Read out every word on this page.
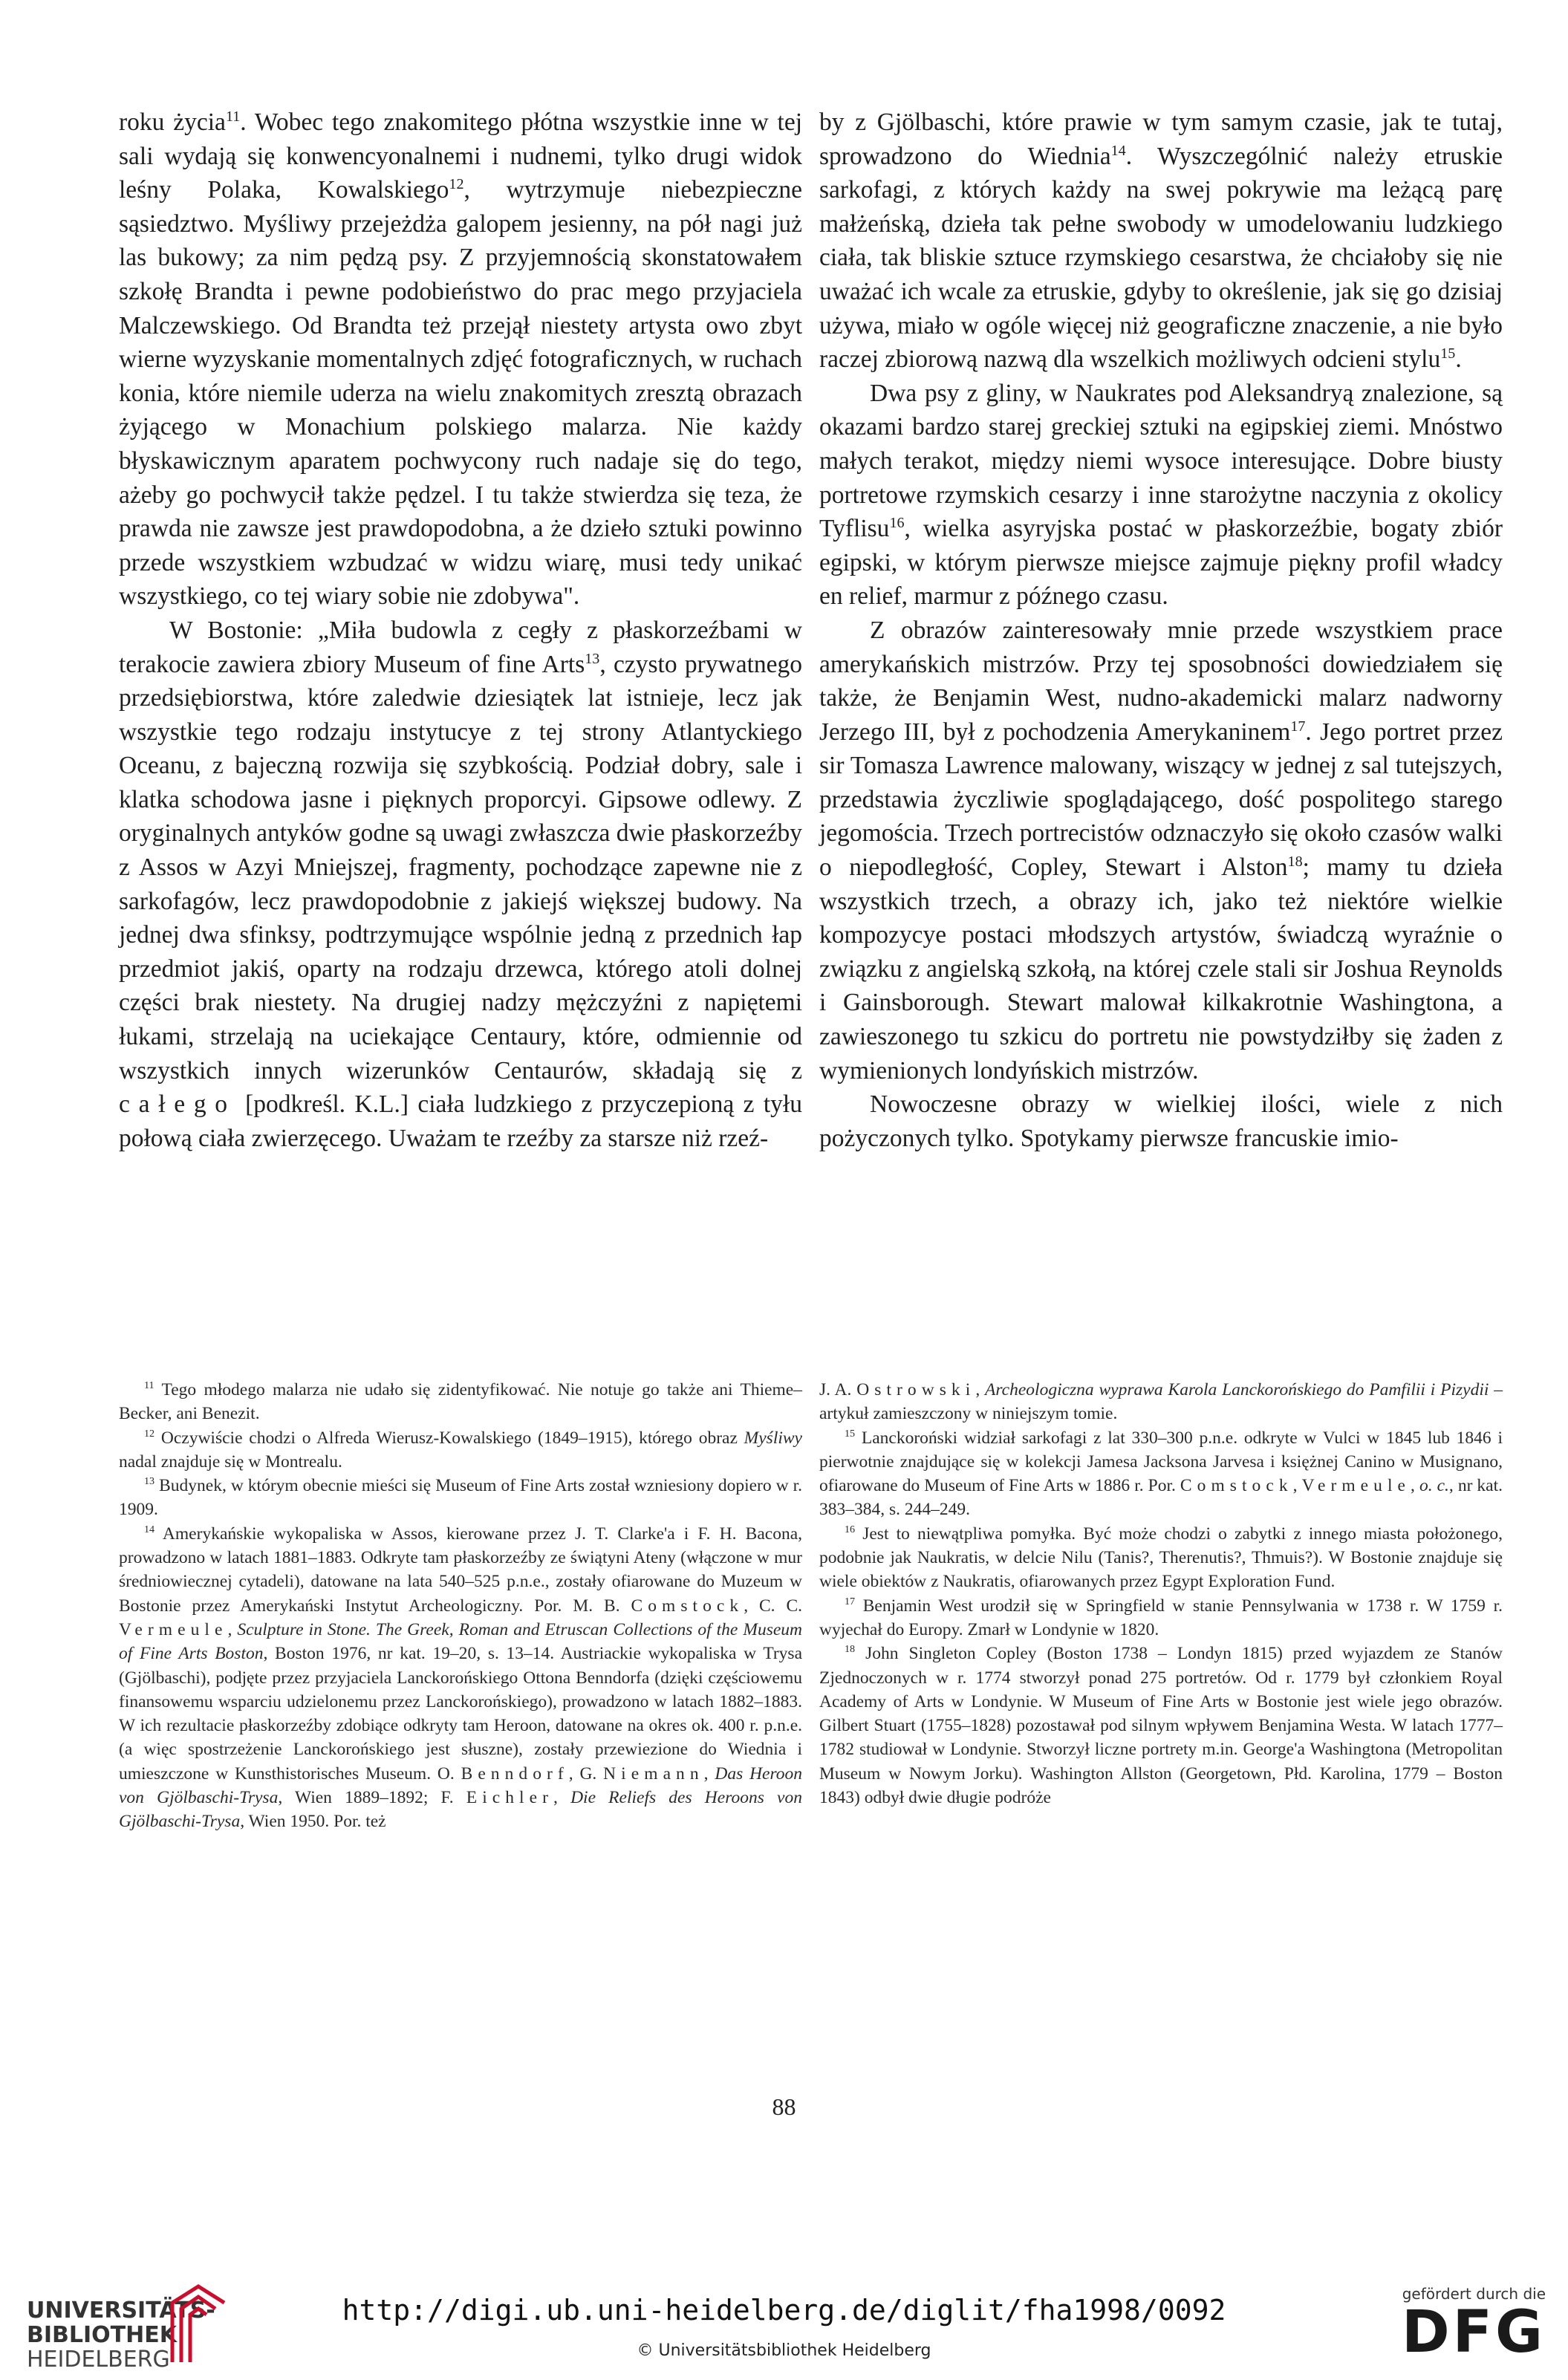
roku życia$^{11}$. Wobec tego znakomitego płótna wszystkie inne w tej sali wydają się konwencyonalnemi i nudnemi, tylko drugi widok leśny Polaka, Kowalskiego$^{12}$, wytrzymuje niebezpieczne sąsiedztwo. Myśliwy przejeżdża galopem jesienny, na pół nagi już las bukowy; za nim pędzą psy. Z przyjemnością skonstatowałem szkołę Brandta i pewne podobieństwo do prac mego przyjaciela Malczewskiego. Od Brandta też przejął niestety artysta owo zbyt wierne wyzyskanie momentalnych zdjęć fotograficznych, w ruchach konia, które niemile uderza na wielu znakomitych zresztą obrazach żyjącego w Monachium polskiego malarza. Nie każdy błyskawicznym aparatem pochwycony ruch nadaje się do tego, ażeby go pochwycił także pędzel. I tu także stwierdza się teza, że prawda nie zawsze jest prawdopodobna, a że dzieło sztuki powinno przede wszystkiem wzbudzać w widzu wiarę, musi tedy unikać wszystkiego, co tej wiary sobie nie zdobywa".

W Bostonie: „Miła budowla z cegły z płaskorzeźbami w terakocie zawiera zbiory Museum of fine Arts$^{13}$, czysto prywatnego przedsiębiorstwa, które zaledwie dziesiątek lat istnieje, lecz jak wszystkie tego rodzaju instytucye z tej strony Atlantyckiego Oceanu, z bajeczną rozwija się szybkością. Podział dobry, sale i klatka schodowa jasne i pięknych proporcyi. Gipsowe odlewy. Z oryginalnych antyków godne są uwagi zwłaszcza dwie płaskorzeźby z Assos w Azyi Mniejszej, fragmenty, pochodzące zapewne nie z sarkofagów, lecz prawdopodobnie z jakiejś większej budowy. Na jednej dwa sfinksy, podtrzymujące wspólnie jedną z przednich łap przedmiot jakiś, oparty na rodzaju drzewca, którego atoli dolnej części brak niestety. Na drugiej nadzy mężczyźni z napiętemi łukami, strzelają na uciekające Centaury, które, odmiennie od wszystkich innych wizerunków Centaurów, składają się z całego [podkreśl. K.L.] ciała ludzkiego z przyczepioną z tyłu połową ciała zwierzęcego. Uważam te rzeźby za starsze niż rzeź-

by z Gjölbaschi, które prawie w tym samym czasie, jak te tutaj, sprowadzono do Wiednia$^{14}$. Wyszczególnić należy etruskie sarkofagi, z których każdy na swej pokrywie ma leżącą parę małżeńską, dzieła tak pełne swobody w umodelowaniu ludzkiego ciała, tak bliskie sztuce rzymskiego cesarstwa, że chciałoby się nie uważać ich wcale za etruskie, gdyby to określenie, jak się go dzisiaj używa, miało w ogóle więcej niż geograficzne znaczenie, a nie było raczej zbiorową nazwą dla wszelkich możliwych odcieni stylu$^{15}$.

Dwa psy z gliny, w Naukrates pod Aleksandryą znalezione, są okazami bardzo starej greckiej sztuki na egipskiej ziemi. Mnóstwo małych terakot, między niemi wysoce interesujące. Dobre biusty portretowe rzymskich cesarzy i inne starożytne naczynia z okolicy Tyflisu$^{16}$, wielka asyryjska postać w płaskorzeźbie, bogaty zbiór egipski, w którym pierwsze miejsce zajmuje piękny profil władcy en relief, marmur z późnego czasu.

Z obrazów zainteresowały mnie przede wszystkiem prace amerykańskich mistrzów. Przy tej sposobności dowiedziałem się także, że Benjamin West, nudno-akademicki malarz nadworny Jerzego III, był z pochodzenia Amerykaninem$^{17}$. Jego portret przez sir Tomasza Lawrence malowany, wiszący w jednej z sal tutejszych, przedstawia życzliwie spoglądającego, dość pospolitego starego jegomościa. Trzech portrecistów odznaczyło się około czasów walki o niepodległość, Copley, Stewart i Alston$^{18}$; mamy tu dzieła wszystkich trzech, a obrazy ich, jako też niektóre wielkie kompozycye postaci młodszych artystów, świadczą wyraźnie o związku z angielską szkołą, na której czele stali sir Joshua Reynolds i Gainsborough. Stewart malował kilkakrotnie Washingtona, a zawieszonego tu szkicu do portretu nie powstydziłby się żaden z wymienionych londyńskich mistrzów.

Nowoczesne obrazy w wielkiej ilości, wiele z nich pożyczonych tylko. Spotykamy pierwsze francuskie imio-

$^{11}$ Tego młodego malarza nie udało się zidentyfikować. Nie notuje go także ani Thieme–Becker, ani Benezit.

$^{12}$ Oczywiście chodzi o Alfreda Wierusz-Kowalskiego (1849–1915), którego obraz Myśliwy nadal znajduje się w Montrealu.

$^{13}$ Budynek, w którym obecnie mieści się Museum of Fine Arts został wzniesiony dopiero w r. 1909.

$^{14}$ Amerykańskie wykopaliska w Assos, kierowane przez J. T. Clarke'a i F. H. Bacona, prowadzono w latach 1881–1883. Odkryte tam płaskorzeźby ze świątyni Ateny (włączone w mur średniowiecznej cytadeli), datowane na lata 540–525 p.n.e., zostały ofiarowane do Muzeum w Bostonie przez Amerykański Instytut Archeologiczny. Por. M. B. Comstock, C. C. Vermeule, Sculpture in Stone. The Greek, Roman and Etruscan Collections of the Museum of Fine Arts Boston, Boston 1976, nr kat. 19–20, s. 13–14. Austriackie wykopaliska w Trysa (Gjölbaschi), podjęte przez przyjaciela Lanckorońskiego Ottona Benndorfa (dzięki częściowemu finansowemu wsparciu udzielonemu przez Lanckorońskiego), prowadzono w latach 1882–1883. W ich rezultacie płaskorzeźby zdobiące odkryty tam Heroon, datowane na okres ok. 400 r. p.n.e. (a więc spostrzeżenie Lanckorońskiego jest słuszne), zostały przewiezione do Wiednia i umieszczone w Kunsthistorisches Museum. O. Benndorf, G. Niemann, Das Heroon von Gjölbaschi-Trysa, Wien 1889–1892; F. Eichler, Die Reliefs des Heroons von Gjölbaschi-Trysa, Wien 1950. Por. też

J. A. Ostrowski, Archeologiczna wyprawa Karola Lanckorońskiego do Pamfilii i Pizydii – artykuł zamieszczony w niniejszym tomie.

$^{15}$ Lanckoroński widział sarkofagi z lat 330–300 p.n.e. odkryte w Vulci w 1845 lub 1846 i pierwotnie znajdujące się w kolekcji Jamesa Jacksona Jarvesa i księżnej Canino w Musignano, ofiarowane do Museum of Fine Arts w 1886 r. Por. Comstock, Vermeule, o. c., nr kat. 383–384, s. 244–249.

$^{16}$ Jest to niewątpliwa pomyłka. Być może chodzi o zabytki z innego miasta położonego, podobnie jak Naukratis, w delcie Nilu (Tanis?, Therenutis?, Thmuis?). W Bostonie znajduje się wiele obiektów z Naukratis, ofiarowanych przez Egypt Exploration Fund.

$^{17}$ Benjamin West urodził się w Springfield w stanie Pennsylwania w 1738 r. W 1759 r. wyjechał do Europy. Zmarł w Londynie w 1820.

$^{18}$ John Singleton Copley (Boston 1738 – Londyn 1815) przed wyjazdem ze Stanów Zjednoczonych w r. 1774 stworzył ponad 275 portretów. Od r. 1779 był członkiem Royal Academy of Arts w Londynie. W Museum of Fine Arts w Bostonie jest wiele jego obrazów. Gilbert Stuart (1755–1828) pozostawał pod silnym wpływem Benjamina Westa. W latach 1777–1782 studiował w Londynie. Stworzył liczne portrety m.in. George'a Washingtona (Metropolitan Museum w Nowym Jorku). Washington Allston (Georgetown, Płd. Karolina, 1779 – Boston 1843) odbył dwie długie podróże

88
UNIVERSITÄTS-
BIBLIOTHEK
HEIDELBERG
http://digi.ub.uni-heidelberg.de/diglit/fha1998/0092
© Universitätsbibliothek Heidelberg
gefördert durch die
DFG
